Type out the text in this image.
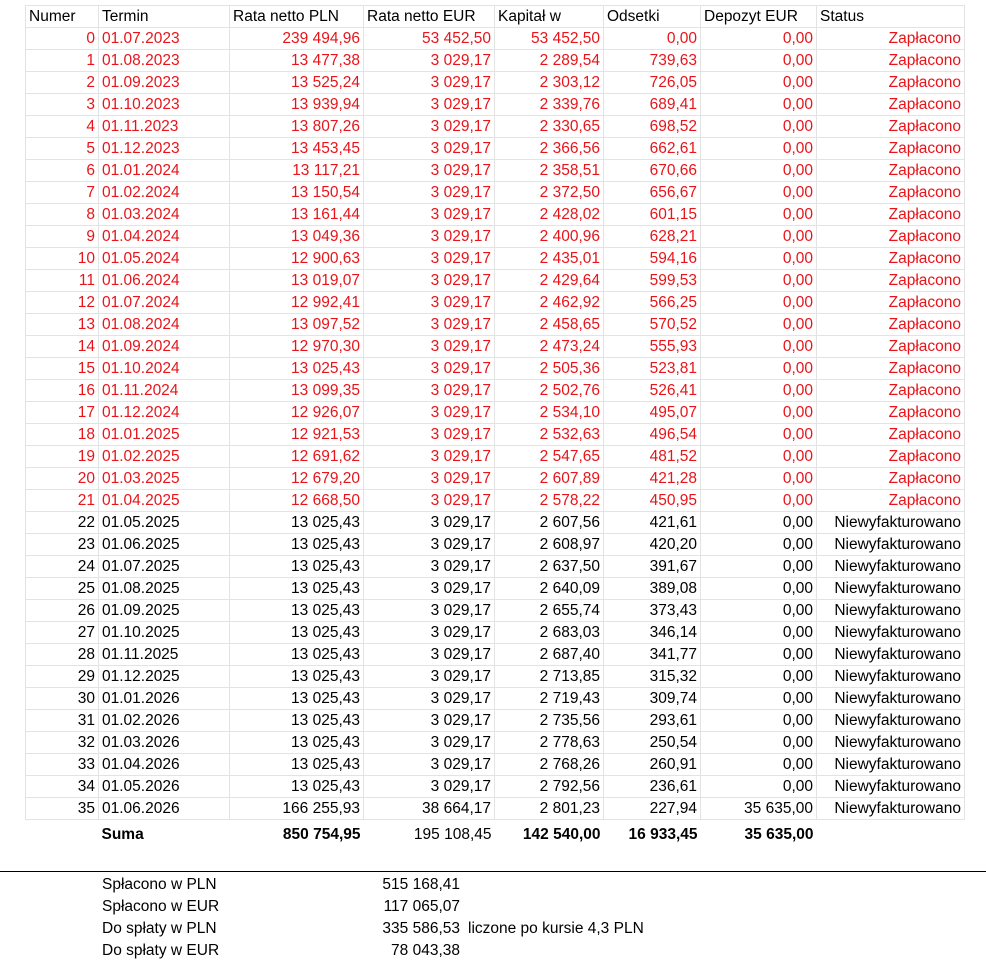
Numer	Termin	Rata netto PLN	Rata netto EUR	Kapitał w	Odsetki	Depozyt EUR	Status
0	01.07.2023	239 494,96	53 452,50	53 452,50	0,00	0,00	Zapłacono
1	01.08.2023	13 477,38	3 029,17	2 289,54	739,63	0,00	Zapłacono
2	01.09.2023	13 525,24	3 029,17	2 303,12	726,05	0,00	Zapłacono
3	01.10.2023	13 939,94	3 029,17	2 339,76	689,41	0,00	Zapłacono
4	01.11.2023	13 807,26	3 029,17	2 330,65	698,52	0,00	Zapłacono
5	01.12.2023	13 453,45	3 029,17	2 366,56	662,61	0,00	Zapłacono
6	01.01.2024	13 117,21	3 029,17	2 358,51	670,66	0,00	Zapłacono
7	01.02.2024	13 150,54	3 029,17	2 372,50	656,67	0,00	Zapłacono
8	01.03.2024	13 161,44	3 029,17	2 428,02	601,15	0,00	Zapłacono
9	01.04.2024	13 049,36	3 029,17	2 400,96	628,21	0,00	Zapłacono
10	01.05.2024	12 900,63	3 029,17	2 435,01	594,16	0,00	Zapłacono
11	01.06.2024	13 019,07	3 029,17	2 429,64	599,53	0,00	Zapłacono
12	01.07.2024	12 992,41	3 029,17	2 462,92	566,25	0,00	Zapłacono
13	01.08.2024	13 097,52	3 029,17	2 458,65	570,52	0,00	Zapłacono
14	01.09.2024	12 970,30	3 029,17	2 473,24	555,93	0,00	Zapłacono
15	01.10.2024	13 025,43	3 029,17	2 505,36	523,81	0,00	Zapłacono
16	01.11.2024	13 099,35	3 029,17	2 502,76	526,41	0,00	Zapłacono
17	01.12.2024	12 926,07	3 029,17	2 534,10	495,07	0,00	Zapłacono
18	01.01.2025	12 921,53	3 029,17	2 532,63	496,54	0,00	Zapłacono
19	01.02.2025	12 691,62	3 029,17	2 547,65	481,52	0,00	Zapłacono
20	01.03.2025	12 679,20	3 029,17	2 607,89	421,28	0,00	Zapłacono
21	01.04.2025	12 668,50	3 029,17	2 578,22	450,95	0,00	Zapłacono
22	01.05.2025	13 025,43	3 029,17	2 607,56	421,61	0,00	Niewyfakturowano
23	01.06.2025	13 025,43	3 029,17	2 608,97	420,20	0,00	Niewyfakturowano
24	01.07.2025	13 025,43	3 029,17	2 637,50	391,67	0,00	Niewyfakturowano
25	01.08.2025	13 025,43	3 029,17	2 640,09	389,08	0,00	Niewyfakturowano
26	01.09.2025	13 025,43	3 029,17	2 655,74	373,43	0,00	Niewyfakturowano
27	01.10.2025	13 025,43	3 029,17	2 683,03	346,14	0,00	Niewyfakturowano
28	01.11.2025	13 025,43	3 029,17	2 687,40	341,77	0,00	Niewyfakturowano
29	01.12.2025	13 025,43	3 029,17	2 713,85	315,32	0,00	Niewyfakturowano
30	01.01.2026	13 025,43	3 029,17	2 719,43	309,74	0,00	Niewyfakturowano
31	01.02.2026	13 025,43	3 029,17	2 735,56	293,61	0,00	Niewyfakturowano
32	01.03.2026	13 025,43	3 029,17	2 778,63	250,54	0,00	Niewyfakturowano
33	01.04.2026	13 025,43	3 029,17	2 768,26	260,91	0,00	Niewyfakturowano
34	01.05.2026	13 025,43	3 029,17	2 792,56	236,61	0,00	Niewyfakturowano
35	01.06.2026	166 255,93	38 664,17	2 801,23	227,94	35 635,00	Niewyfakturowano
	Suma	850 754,95	195 108,45	142 540,00	16 933,45	35 635,00	
Spłacono w PLN	515 168,41
Spłacono w EUR	117 065,07
Do spłaty w PLN	335 586,53 liczone po kursie 4,3 PLN
Do spłaty w EUR	78 043,38
